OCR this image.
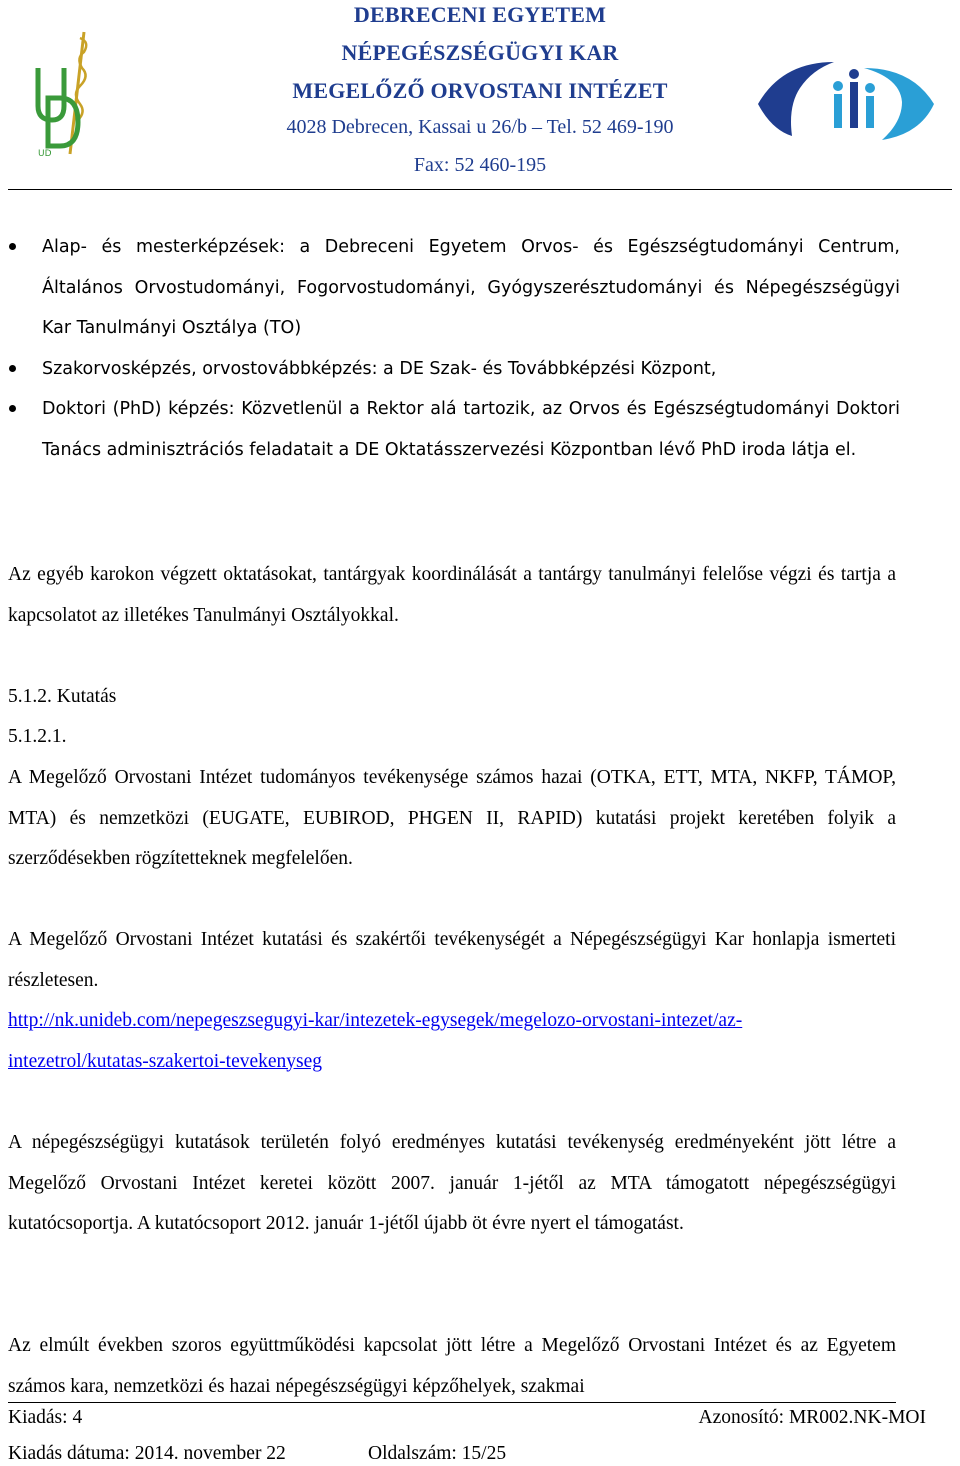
UD
DEBRECENI EGYETEM
NÉPEGÉSZSÉGÜGYI KAR
MEGELŐZŐ ORVOSTANI INTÉZET
4028 Debrecen, Kassai u 26/b – Tel. 52 469-190
Fax: 52 460-195
Alap- és mesterképzések: a Debreceni Egyetem Orvos- és Egészségtudományi Centrum, Általános Orvostudományi, Fogorvostudományi, Gyógyszerésztudományi és Népegészségügyi Kar Tanulmányi Osztálya (TO)
Szakorvosképzés, orvostovábbképzés: a DE Szak- és Továbbképzési Központ,
Doktori (PhD) képzés: Közvetlenül a Rektor alá tartozik, az Orvos és Egészségtudományi Doktori Tanács adminisztrációs feladatait a DE Oktatásszervezési Központban lévő PhD iroda látja el.

Az egyéb karokon végzett oktatásokat, tantárgyak koordinálását a tantárgy tanulmányi felelőse végzi és tartja a kapcsolatot az illetékes Tanulmányi Osztályokkal.

5.1.2. Kutatás
5.1.2.1.

A Megelőző Orvostani Intézet tudományos tevékenysége számos hazai (OTKA, ETT, MTA, NKFP, TÁMOP, MTA) és nemzetközi (EUGATE, EUBIROD, PHGEN II, RAPID) kutatási projekt keretében folyik a szerződésekben rögzítetteknek megfelelően.

A Megelőző Orvostani Intézet kutatási és szakértői tevékenységét a Népegészségügyi Kar honlapja ismerteti részletesen.

http://nk.unideb.com/nepegeszsegugyi-kar/intezetek-egysegek/megelozo-orvostani-intezet/az-
intezetrol/kutatas-szakertoi-tevekenyseg

A népegészségügyi kutatások területén folyó eredményes kutatási tevékenység eredményeként jött létre a Megelőző Orvostani Intézet keretei között 2007. január 1-jétől az MTA támogatott népegészségügyi kutatócsoportja. A kutatócsoport 2012. január 1-jétől újabb öt évre nyert el támogatást.

Az elmúlt években szoros együttműködési kapcsolat jött létre a Megelőző Orvostani Intézet és az Egyetem számos kara, nemzetközi és hazai népegészségügyi képzőhelyek, szakmai

Kiadás: 4	Azonosító: MR002.NK-MOI
Kiadás dátuma: 2014. november 22	Oldalszám: 15/25
